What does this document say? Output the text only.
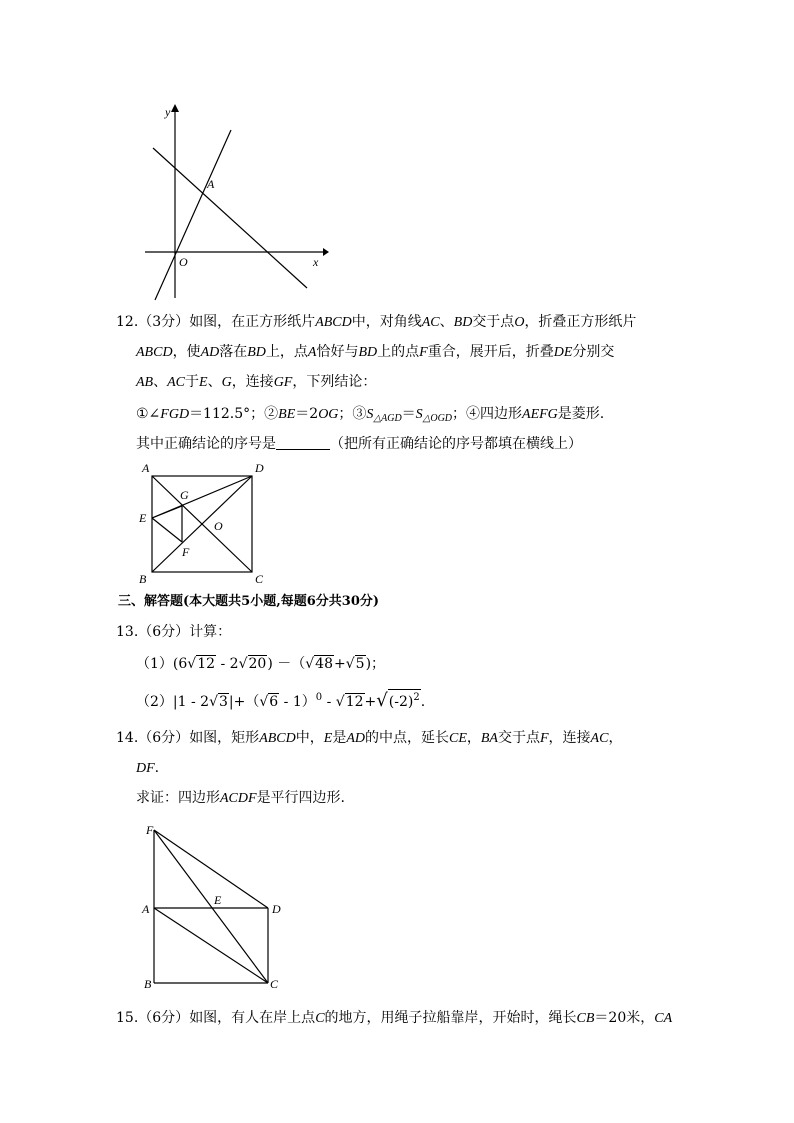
y
x
O
A
12.（3分）如图，在正方形纸片ABCD中，对角线AC、BD交于点O，折叠正方形纸片
ABCD，使AD落在BD上，点A恰好与BD上的点F重合，展开后，折叠DE分别交
AB、AC于E、G，连接GF，下列结论：
①∠FGD＝112.5°；②BE＝2OG；$③S_{\triangle AGD}=S_{\triangle OGD}$；④四边形AEFG是菱形.
其中正确结论的序号是	（把所有正确结论的序号都填在横线上）
A	D
B	C
E
G
F
O
三、解答题(本大题共5小题,每题6分共30分)
13.（6分）计算：
（1）(6√12 - 2√20) －（√48+√5)；
$(2)|1 - 2√3|+(√6 - 1)^0 - √12+√(-2)^2$.
14.（6分）如图，矩形ABCD中，E是AD的中点，延长CE，BA交于点F，连接AC，
DF.
求证：四边形ACDF是平行四边形.
F
A
E
D
B	C
15.（6分）如图，有人在岸上点C的地方，用绳子拉船靠岸，开始时，绳长CB＝20米，CA
